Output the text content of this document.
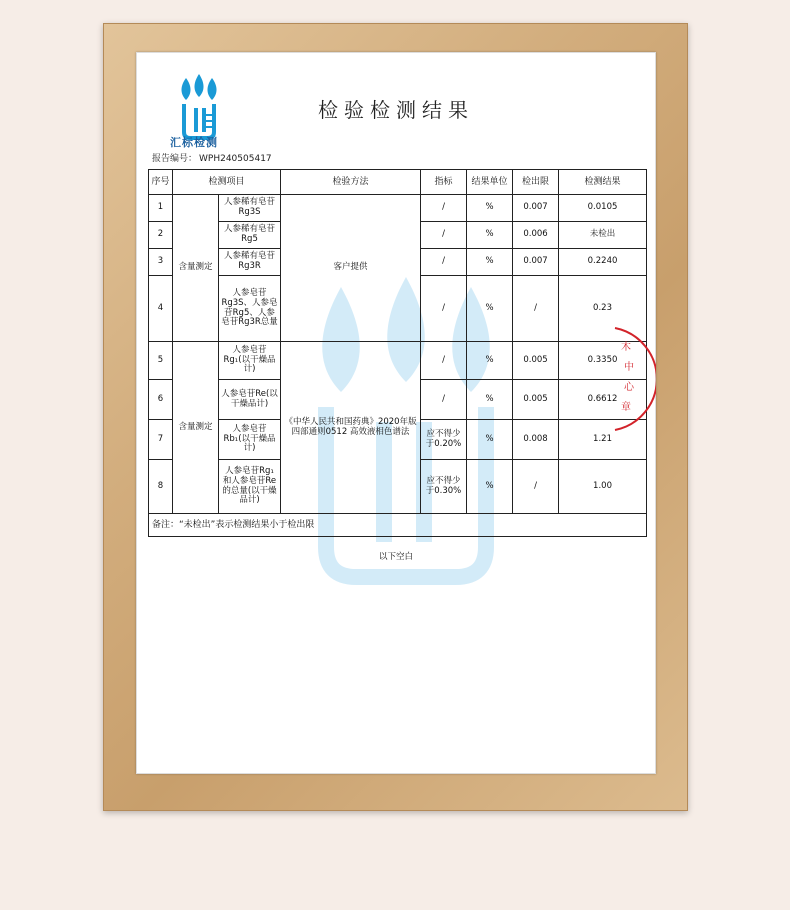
汇标检测
检验检测结果
报告编号： WPH240505417
序号	检测项目		检验方法	指标	结果单位	检出限	检测结果
1	含量测定	人参稀有皂苷Rg3S	客户提供	/	%	0.007	0.0105
2		人参稀有皂苷Rg5		/	%	0.006	未检出
3		人参稀有皂苷Rg3R		/	%	0.007	0.2240
4		人参皂苷Rg3S、人参皂苷Rg5、人参皂苷Rg3R总量		/	%	/	0.23
5	含量测定	人参皂苷Rg₁(以干燥品计)	《中华人民共和国药典》2020年版 四部通则0512 高效液相色谱法	/	%	0.005	0.3350
6		人参皂苷Re(以干燥品计)		/	%	0.005	0.6612
7		人参皂苷Rb₁(以干燥品计)		应不得少于0.20%	%	0.008	1.21
8		人参皂苷Rg₁和人参皂苷Re的总量(以干燥品计)		应不得少于0.30%	%	/	1.00
备注：“未检出”表示检测结果小于检出限							
以下空白
木
中
心
章
